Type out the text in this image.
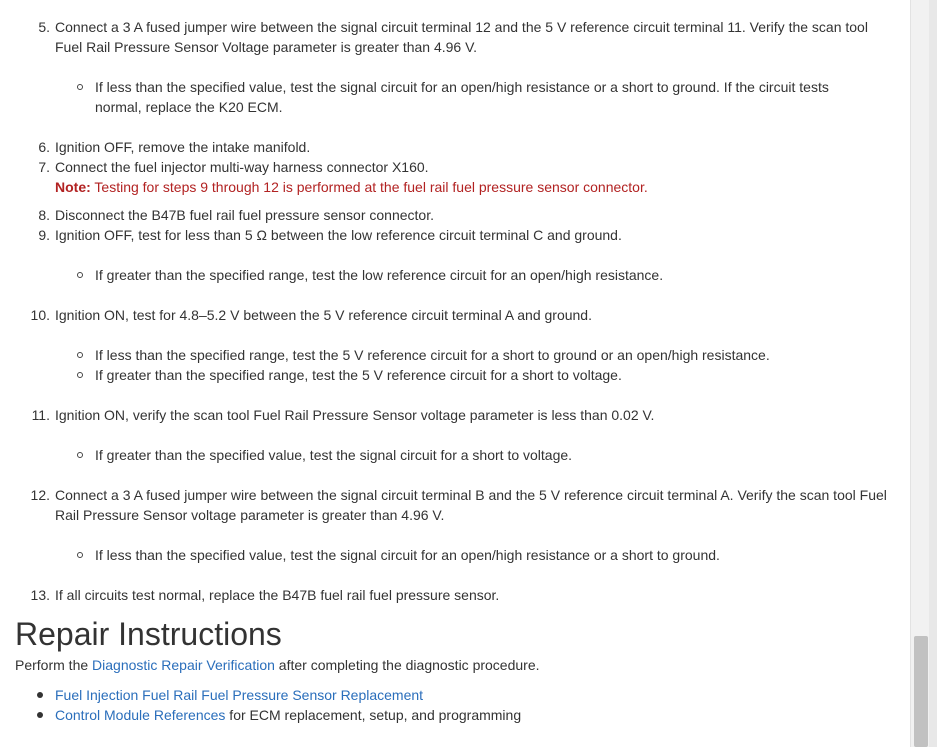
5. Connect a 3 A fused jumper wire between the signal circuit terminal 12 and the 5 V reference circuit terminal 11. Verify the scan tool
Fuel Rail Pressure Sensor Voltage parameter is greater than 4.96 V.
If less than the specified value, test the signal circuit for an open/high resistance or a short to ground. If the circuit tests
normal, replace the K20 ECM.
6. Ignition OFF, remove the intake manifold.
7. Connect the fuel injector multi-way harness connector X160.
Note: Testing for steps 9 through 12 is performed at the fuel rail fuel pressure sensor connector.
8. Disconnect the B47B fuel rail fuel pressure sensor connector.
9. Ignition OFF, test for less than 5 Ω between the low reference circuit terminal C and ground.
If greater than the specified range, test the low reference circuit for an open/high resistance.
10. Ignition ON, test for 4.8–5.2 V between the 5 V reference circuit terminal A and ground.
If less than the specified range, test the 5 V reference circuit for a short to ground or an open/high resistance.
If greater than the specified range, test the 5 V reference circuit for a short to voltage.
11. Ignition ON, verify the scan tool Fuel Rail Pressure Sensor voltage parameter is less than 0.02 V.
If greater than the specified value, test the signal circuit for a short to voltage.
12. Connect a 3 A fused jumper wire between the signal circuit terminal B and the 5 V reference circuit terminal A. Verify the scan tool Fuel
Rail Pressure Sensor voltage parameter is greater than 4.96 V.
If less than the specified value, test the signal circuit for an open/high resistance or a short to ground.
13. If all circuits test normal, replace the B47B fuel rail fuel pressure sensor.
Repair Instructions
Perform the Diagnostic Repair Verification after completing the diagnostic procedure.
Fuel Injection Fuel Rail Fuel Pressure Sensor Replacement
Control Module References for ECM replacement, setup, and programming
